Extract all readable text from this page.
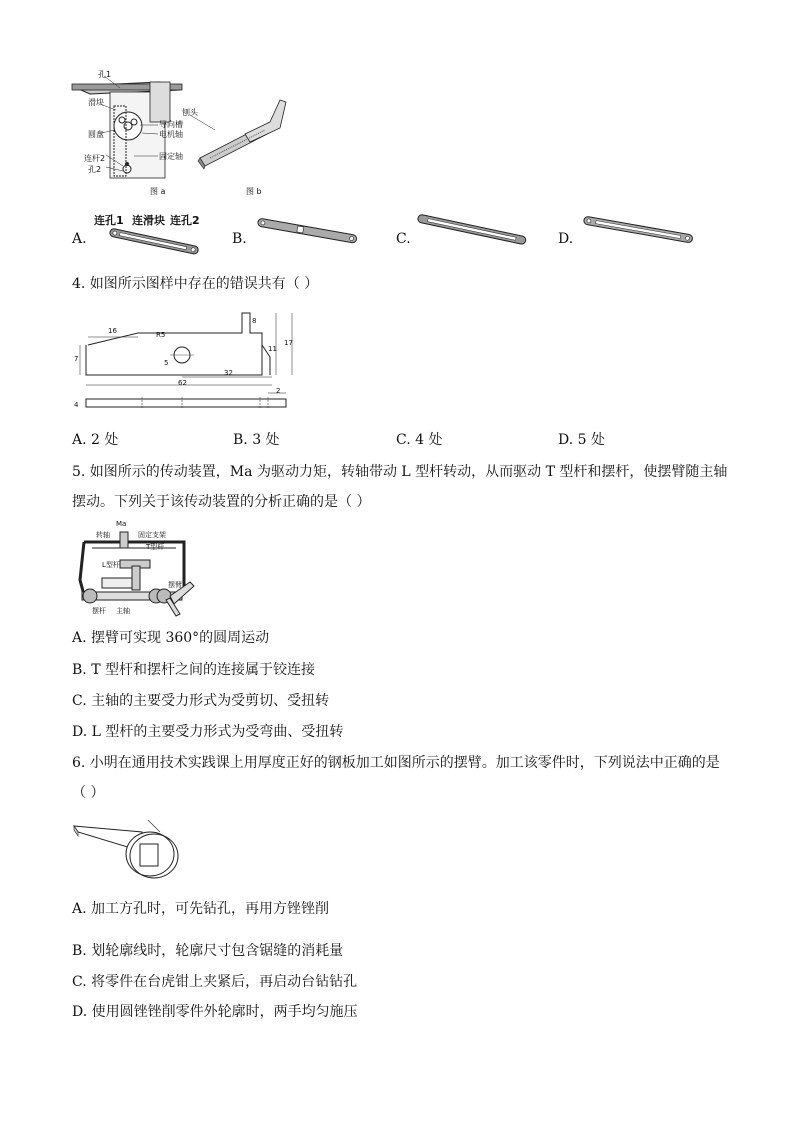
孔1
滑块
圆盘
连杆2
孔2
导向槽
电机轴
固定轴
刨头
图 a	图 b
A.
连孔1 连滑块 连孔2
B.	C.	D.
4. 如图所示图样中存在的错误共有（ ）
16
7
R5
5
32
62
4
8
11
17
2
A. 2 处	B. 3 处	C. 4 处	D. 5 处
5. 如图所示的传动装置，Ma 为驱动力矩，转轴带动 L 型杆转动，从而驱动 T 型杆和摆杆，使摆臂随主轴
摆动。下列关于该传动装置的分析正确的是（ ）
Ma
转轴	固定支架
T型杆
L型杆
摆臂
摆杆 主轴
A. 摆臂可实现 360°的圆周运动
B. T 型杆和摆杆之间的连接属于铰连接
C. 主轴的主要受力形式为受剪切、受扭转
D. L 型杆的主要受力形式为受弯曲、受扭转
6. 小明在通用技术实践课上用厚度正好的钢板加工如图所示的摆臂。加工该零件时，下列说法中正确的是
（ ）
A. 加工方孔时，可先钻孔，再用方锉锉削
B. 划轮廓线时，轮廓尺寸包含锯缝的消耗量
C. 将零件在台虎钳上夹紧后，再启动台钻钻孔
D. 使用圆锉锉削零件外轮廓时，两手均匀施压
